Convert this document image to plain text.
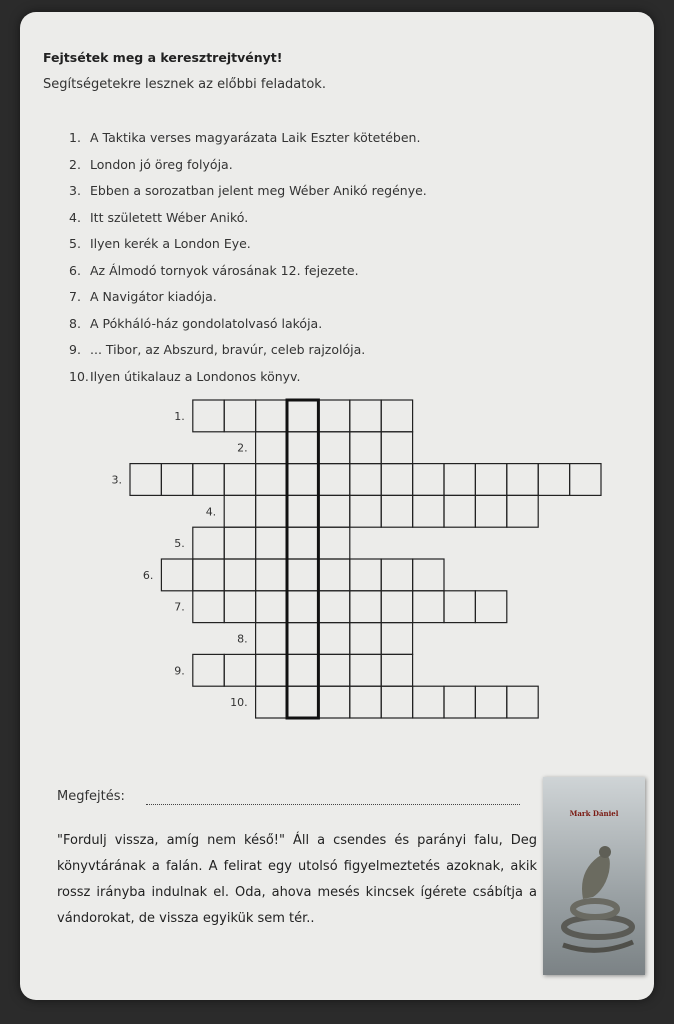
Fejtsétek meg a keresztrejtvényt!
Segítségetekre lesznek az előbbi feladatok.
1. A Taktika verses magyarázata Laik Eszter kötetében.
2. London jó öreg folyója.
3. Ebben a sorozatban jelent meg Wéber Anikó regénye.
4. Itt született Wéber Anikó.
5. Ilyen kerék a London Eye.
6. Az Álmodó tornyok városának 12. fejezete.
7. A Navigátor kiadója.
8. A Pókháló-ház gondolatolvasó lakója.
9. ... Tibor, az Abszurd, bravúr, celeb rajzolója.
10.Ilyen útikalauz a Londonos könyv.
1.
2.
3.
4.
5.
6.
7.
8.
9.
10.
Megfejtés:

"Fordulj vissza, amíg nem késő!" Áll a csendes és parányi falu, Deg könyvtárának a falán. A felirat egy utolsó figyelmeztetés azoknak, akik rossz irányba indulnak el. Oda, ahova mesés kincsek ígérete csábítja a vándorokat, de vissza egyikük sem tér..

Mark Dániel
